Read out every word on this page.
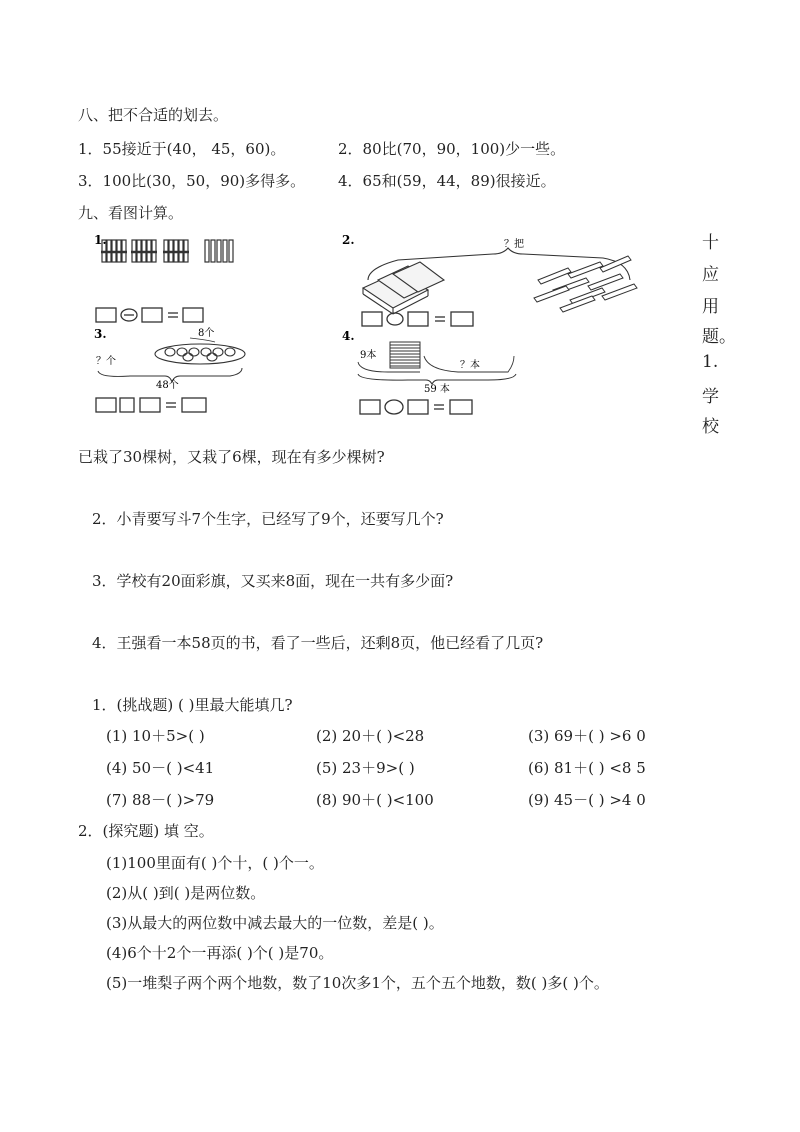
八、把不合适的划去。
1．55接近于(40， 45，60)。	2．80比(70，90，100)少一些。
3．100比(30，50，90)多得多。 4．65和(59，44，89)很接近。
九、看图计算。
1.	2.	？把
3.	8个
？个
48个
4.
9本
？本
59 本
十
应
用
题。
1.
学
校
已栽了30棵树，又栽了6棵，现在有多少棵树?
2．小青要写斗7个生字，已经写了9个，还要写几个?
3．学校有20面彩旗，又买来8面，现在一共有多少面?
4．王强看一本58页的书，看了一些后，还剩8页，他已经看了几页?
1．(挑战题) ( )里最大能填几?
(1) 10＋5>( )	(2) 20＋( )<28	(3) 69＋( ) >6 0
(4) 50－( )<41	(5) 23＋9>( )	(6) 81＋( ) <8 5
(7) 88－( )>79	(8) 90＋( )<100	(9) 45－( ) >4 0
2．(探究题) 填 空。
(1)100里面有( )个十，( )个一。
(2)从( )到( )是两位数。
(3)从最大的两位数中减去最大的一位数，差是( )。
(4)6个十2个一再添( )个( )是70。
(5)一堆梨子两个两个地数，数了10次多1个，五个五个地数，数( )多( )个。
